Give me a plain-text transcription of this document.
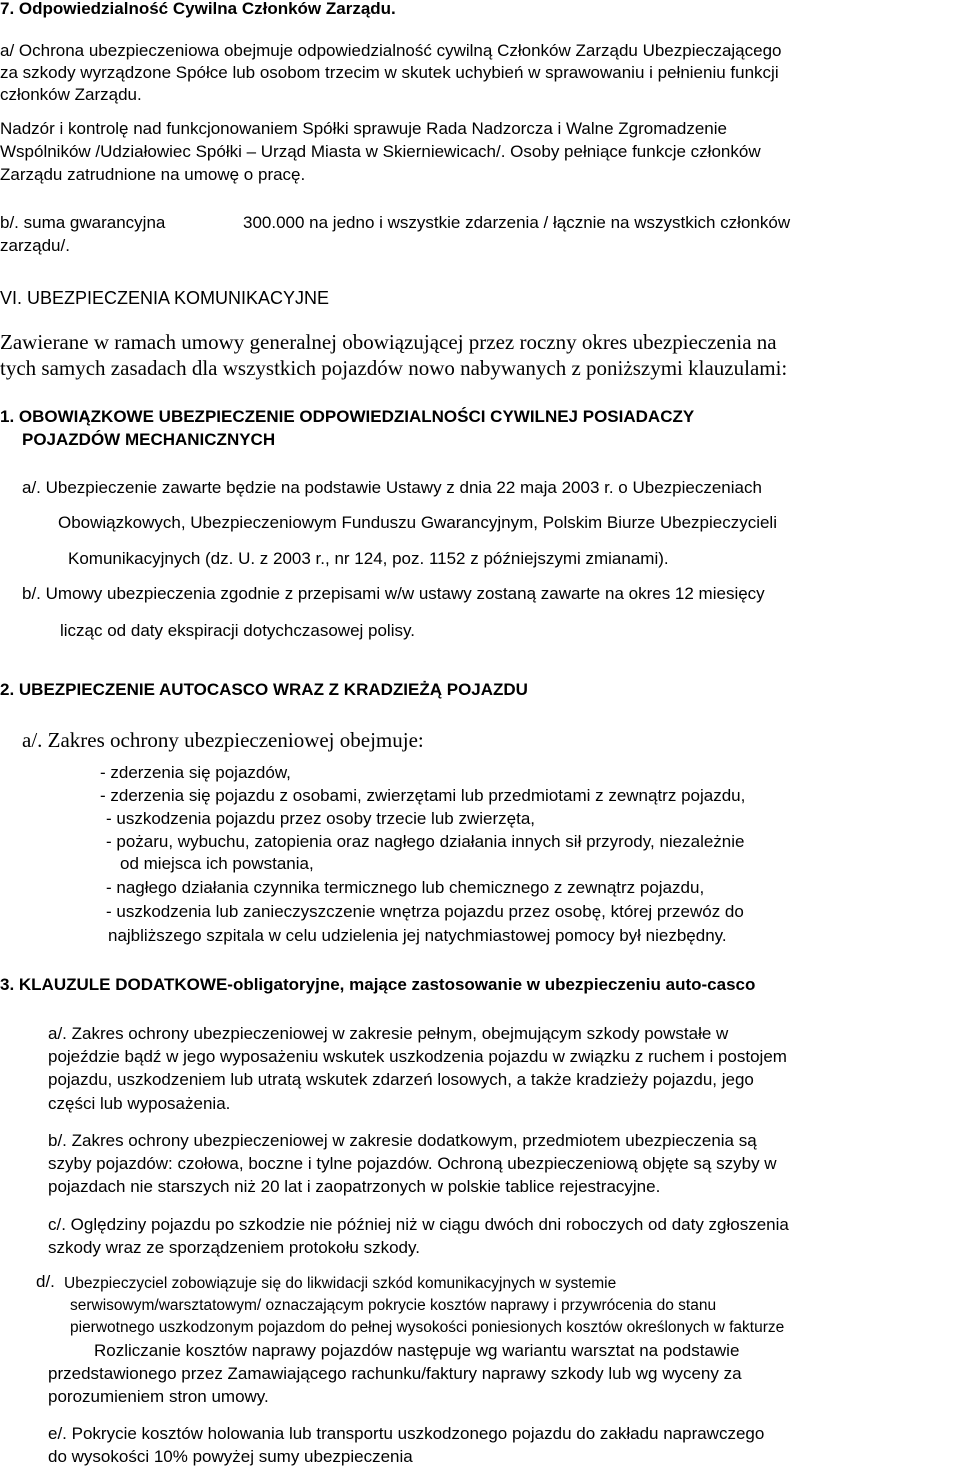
7. Odpowiedzialność Cywilna Członków Zarządu.

a/ Ochrona ubezpieczeniowa obejmuje odpowiedzialność cywilną Członków Zarządu Ubezpieczającego

za szkody wyrządzone Spółce lub osobom trzecim w skutek uchybień w sprawowaniu i pełnieniu funkcji

członków Zarządu.

Nadzór i kontrolę nad funkcjonowaniem Spółki sprawuje Rada Nadzorcza i Walne Zgromadzenie

Wspólników /Udziałowiec Spółki – Urząd Miasta w Skierniewicach/. Osoby pełniące funkcje członków

Zarządu zatrudnione na umowę o pracę.

b/. suma gwarancyjna	300.000 na jedno i wszystkie zdarzenia / łącznie na wszystkich członków

zarządu/.

VI. UBEZPIECZENIA KOMUNIKACYJNE

Zawierane w ramach umowy generalnej obowiązującej przez roczny okres ubezpieczenia na

tych samych zasadach dla wszystkich pojazdów nowo nabywanych z poniższymi klauzulami:

1. OBOWIĄZKOWE UBEZPIECZENIE ODPOWIEDZIALNOŚCI CYWILNEJ POSIADACZY

POJAZDÓW MECHANICZNYCH

a/. Ubezpieczenie zawarte będzie na podstawie Ustawy z dnia 22 maja 2003 r. o Ubezpieczeniach

Obowiązkowych, Ubezpieczeniowym Funduszu Gwarancyjnym, Polskim Biurze Ubezpieczycieli

Komunikacyjnych (dz. U. z 2003 r., nr 124, poz. 1152 z późniejszymi zmianami).

b/. Umowy ubezpieczenia zgodnie z przepisami w/w ustawy zostaną zawarte na okres 12 miesięcy

licząc od daty ekspiracji dotychczasowej polisy.

2. UBEZPIECZENIE AUTOCASCO WRAZ Z KRADZIEŻĄ POJAZDU

a/. Zakres ochrony ubezpieczeniowej obejmuje:

- zderzenia się pojazdów,

- zderzenia się pojazdu z osobami, zwierzętami lub przedmiotami z zewnątrz pojazdu,

- uszkodzenia pojazdu przez osoby trzecie lub zwierzęta,

- pożaru, wybuchu, zatopienia oraz nagłego działania innych sił przyrody, niezależnie

od miejsca ich powstania,

- nagłego działania czynnika termicznego lub chemicznego z zewnątrz pojazdu,

- uszkodzenia lub zanieczyszczenie wnętrza pojazdu przez osobę, której przewóz do

najbliższego szpitala w celu udzielenia jej natychmiastowej pomocy był niezbędny.

3. KLAUZULE DODATKOWE-obligatoryjne, mające zastosowanie w ubezpieczeniu auto-casco

a/. Zakres ochrony ubezpieczeniowej w zakresie pełnym, obejmującym szkody powstałe w

pojeździe bądź w jego wyposażeniu wskutek uszkodzenia pojazdu w związku z ruchem i postojem

pojazdu, uszkodzeniem lub utratą wskutek zdarzeń losowych, a także kradzieży pojazdu, jego

części lub wyposażenia.

b/. Zakres ochrony ubezpieczeniowej w zakresie dodatkowym, przedmiotem ubezpieczenia są

szyby pojazdów: czołowa, boczne i tylne pojazdów. Ochroną ubezpieczeniową objęte są szyby w

pojazdach nie starszych niż 20 lat i zaopatrzonych w polskie tablice rejestracyjne.

c/. Oględziny pojazdu po szkodzie nie później niż w ciągu dwóch dni roboczych od daty zgłoszenia

szkody wraz ze sporządzeniem protokołu szkody.

d/. Ubezpieczyciel zobowiązuje się do likwidacji szkód komunikacyjnych w systemie

serwisowym/warsztatowym/ oznaczającym pokrycie kosztów naprawy i przywrócenia do stanu

pierwotnego uszkodzonym pojazdom do pełnej wysokości poniesionych kosztów określonych w fakturze

Rozliczanie kosztów naprawy pojazdów następuje wg wariantu warsztat na podstawie

przedstawionego przez Zamawiającego rachunku/faktury naprawy szkody lub wg wyceny za

porozumieniem stron umowy.

e/. Pokrycie kosztów holowania lub transportu uszkodzonego pojazdu do zakładu naprawczego

do wysokości 10% powyżej sumy ubezpieczenia
